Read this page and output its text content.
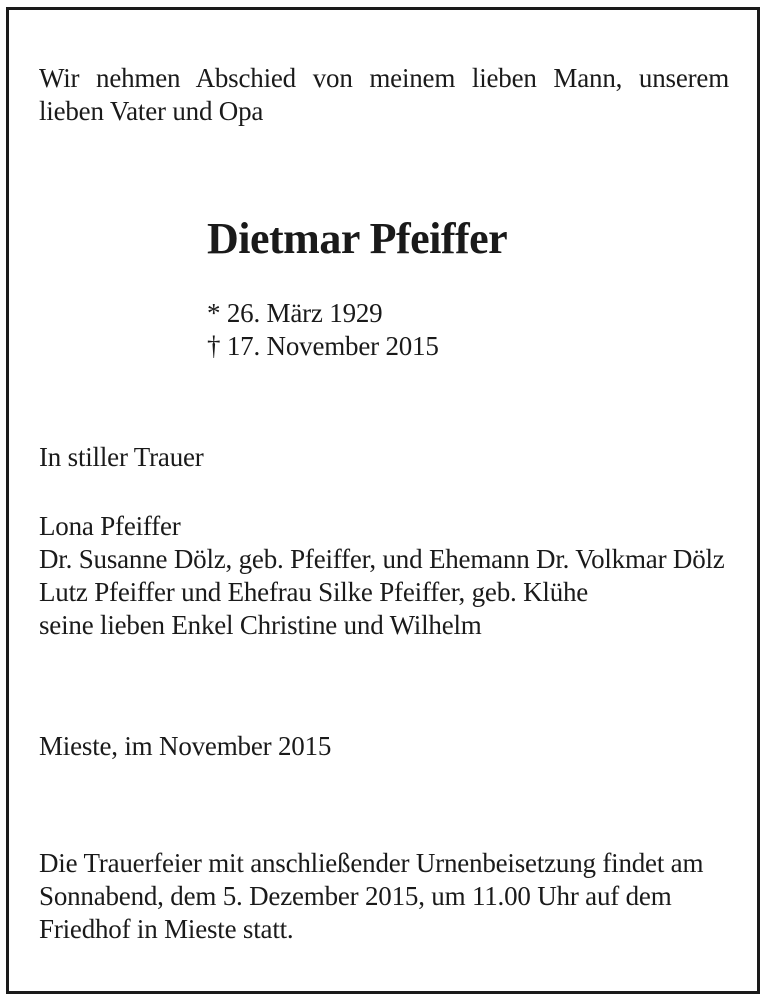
Wir nehmen Abschied von meinem lieben Mann, unserem
lieben Vater und Opa
Dietmar Pfeiffer
* 26. März 1929
† 17. November 2015
In stiller Trauer
Lona Pfeiffer
Dr. Susanne Dölz, geb. Pfeiffer, und Ehemann Dr. Volkmar Dölz
Lutz Pfeiffer und Ehefrau Silke Pfeiffer, geb. Klühe
seine lieben Enkel Christine und Wilhelm
Mieste, im November 2015
Die Trauerfeier mit anschließender Urnenbeisetzung findet am
Sonnabend, dem 5. Dezember 2015, um 11.00 Uhr auf dem
Friedhof in Mieste statt.
